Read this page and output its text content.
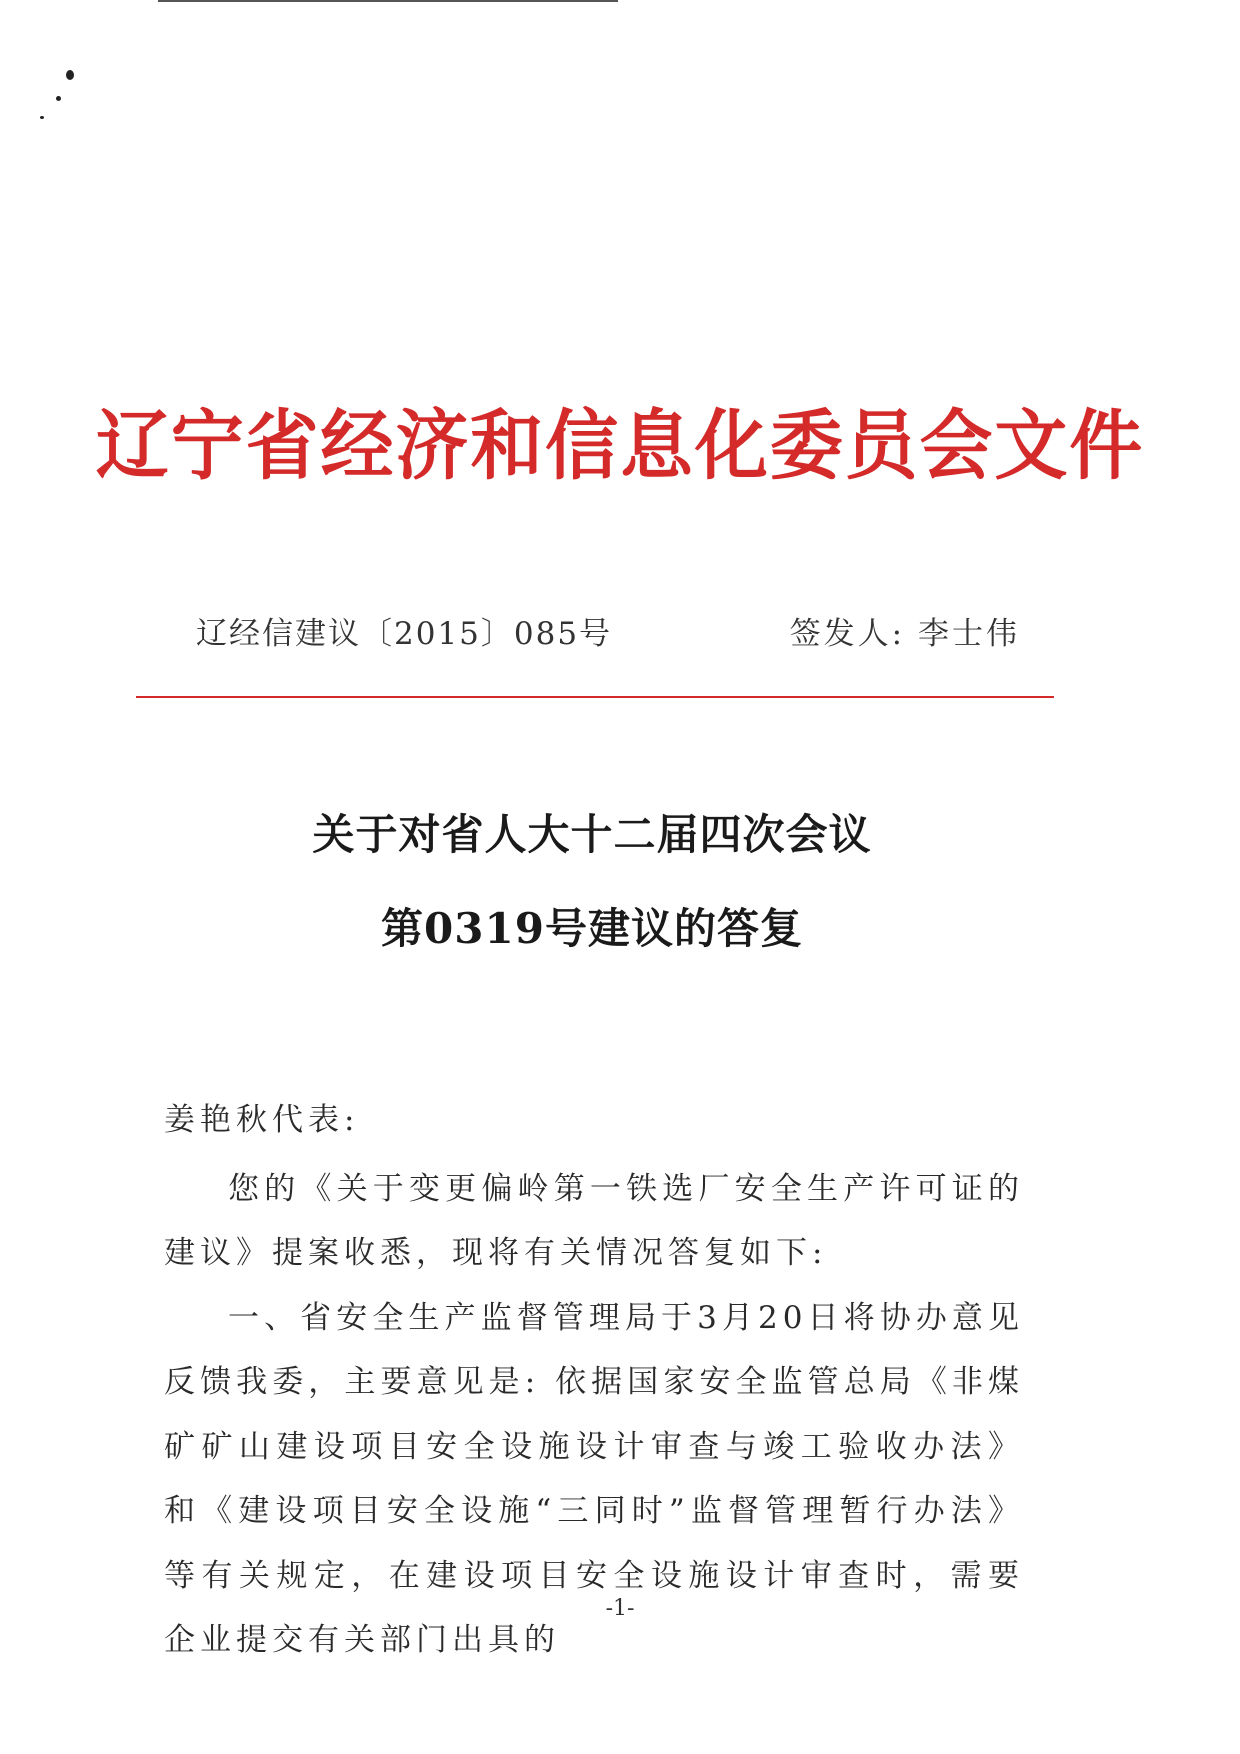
辽宁省经济和信息化委员会文件
辽经信建议〔2015〕085号	签发人: 李士伟
关于对省人大十二届四次会议
第0319号建议的答复

姜艳秋代表:

您的《关于变更偏岭第一铁选厂安全生产许可证的建议》提案收悉，现将有关情况答复如下:

一、省安全生产监督管理局于3月20日将协办意见反馈我委，主要意见是: 依据国家安全监管总局《非煤矿矿山建设项目安全设施设计审查与竣工验收办法》和《建设项目安全设施“三同时”监督管理暂行办法》等有关规定，在建设项目安全设施设计审查时，需要企业提交有关部门出具的

-1-
